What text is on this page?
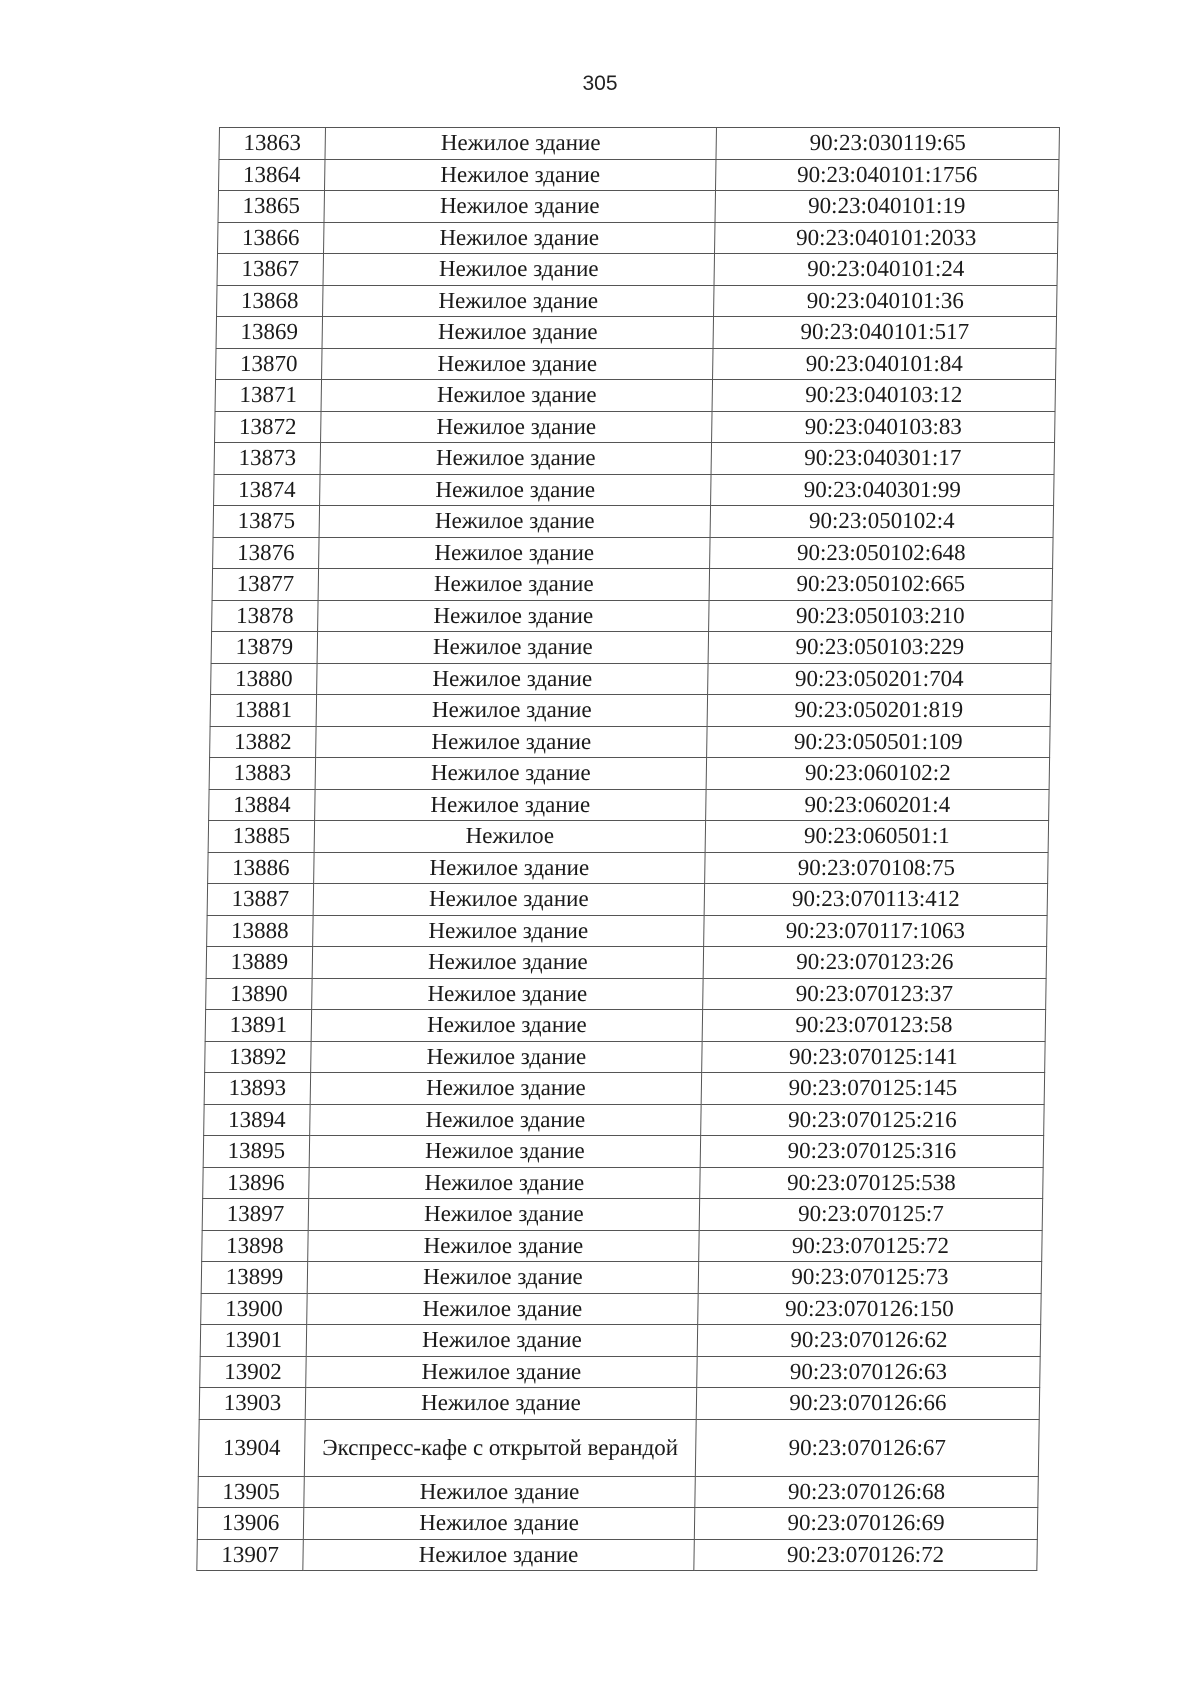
305
13863	Нежилое здание	90:23:030119:65
13864	Нежилое здание	90:23:040101:1756
13865	Нежилое здание	90:23:040101:19
13866	Нежилое здание	90:23:040101:2033
13867	Нежилое здание	90:23:040101:24
13868	Нежилое здание	90:23:040101:36
13869	Нежилое здание	90:23:040101:517
13870	Нежилое здание	90:23:040101:84
13871	Нежилое здание	90:23:040103:12
13872	Нежилое здание	90:23:040103:83
13873	Нежилое здание	90:23:040301:17
13874	Нежилое здание	90:23:040301:99
13875	Нежилое здание	90:23:050102:4
13876	Нежилое здание	90:23:050102:648
13877	Нежилое здание	90:23:050102:665
13878	Нежилое здание	90:23:050103:210
13879	Нежилое здание	90:23:050103:229
13880	Нежилое здание	90:23:050201:704
13881	Нежилое здание	90:23:050201:819
13882	Нежилое здание	90:23:050501:109
13883	Нежилое здание	90:23:060102:2
13884	Нежилое здание	90:23:060201:4
13885	Нежилое	90:23:060501:1
13886	Нежилое здание	90:23:070108:75
13887	Нежилое здание	90:23:070113:412
13888	Нежилое здание	90:23:070117:1063
13889	Нежилое здание	90:23:070123:26
13890	Нежилое здание	90:23:070123:37
13891	Нежилое здание	90:23:070123:58
13892	Нежилое здание	90:23:070125:141
13893	Нежилое здание	90:23:070125:145
13894	Нежилое здание	90:23:070125:216
13895	Нежилое здание	90:23:070125:316
13896	Нежилое здание	90:23:070125:538
13897	Нежилое здание	90:23:070125:7
13898	Нежилое здание	90:23:070125:72
13899	Нежилое здание	90:23:070125:73
13900	Нежилое здание	90:23:070126:150
13901	Нежилое здание	90:23:070126:62
13902	Нежилое здание	90:23:070126:63
13903	Нежилое здание	90:23:070126:66
13904	Экспресс-кафе с открытой верандой	90:23:070126:67
13905	Нежилое здание	90:23:070126:68
13906	Нежилое здание	90:23:070126:69
13907	Нежилое здание	90:23:070126:72
